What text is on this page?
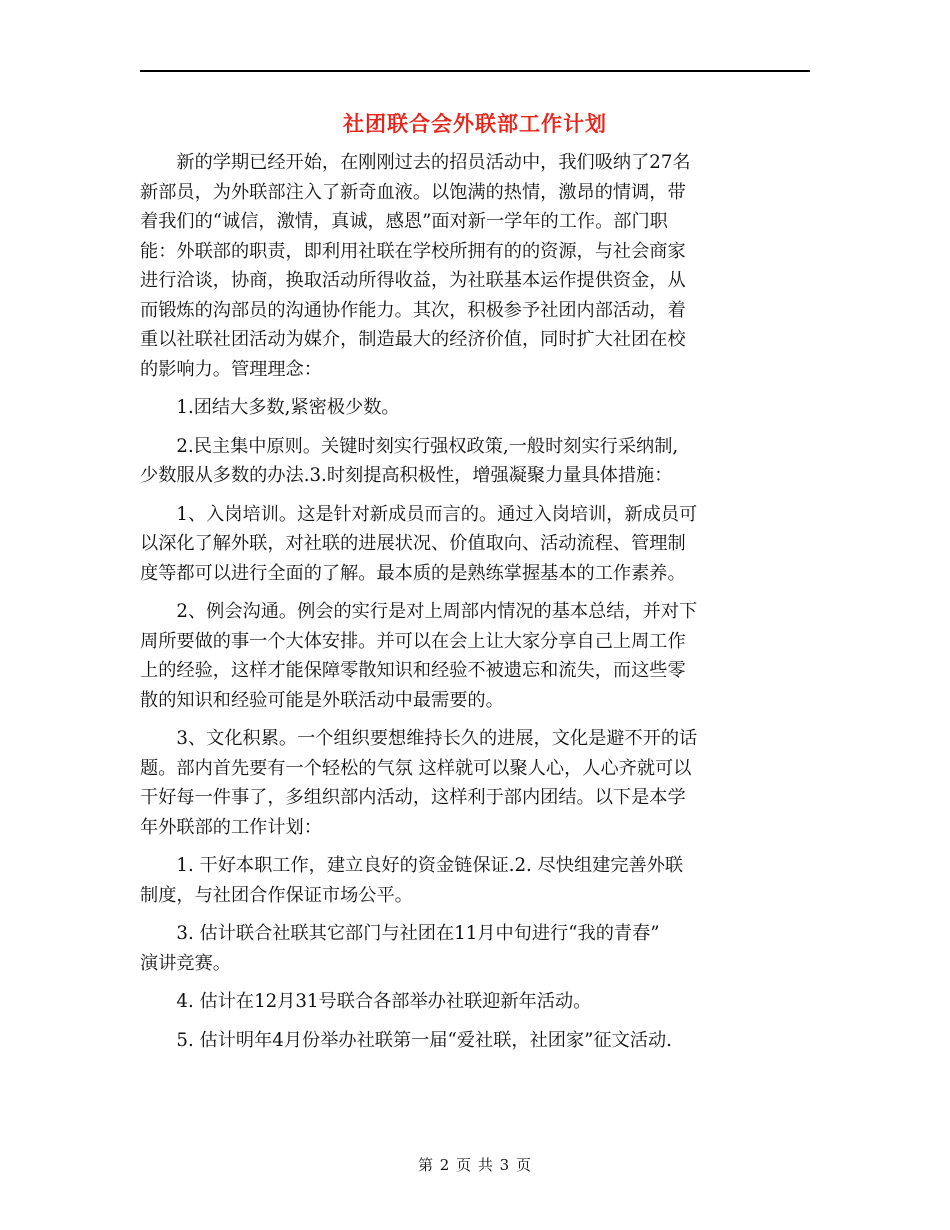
社团联合会外联部工作计划
　　新的学期已经开始，在刚刚过去的招员活动中，我们吸纳了27名
新部员，为外联部注入了新奇血液。以饱满的热情，激昂的情调，带
着我们的“诚信，激情，真诚，感恩”面对新一学年的工作。部门职
能：外联部的职责，即利用社联在学校所拥有的的资源，与社会商家
进行洽谈，协商，换取活动所得收益，为社联基本运作提供资金，从
而锻炼的沟部员的沟通协作能力。其次，积极参予社团内部活动，着
重以社联社团活动为媒介，制造最大的经济价值，同时扩大社团在校
的影响力。管理理念：
　　1.团结大多数,紧密极少数。
　　2.民主集中原则。关键时刻实行强权政策,一般时刻实行采纳制,
少数服从多数的办法.3.时刻提高积极性，增强凝聚力量具体措施：
　　1、入岗培训。这是针对新成员而言的。通过入岗培训，新成员可
以深化了解外联，对社联的进展状况、价值取向、活动流程、管理制
度等都可以进行全面的了解。最本质的是熟练掌握基本的工作素养。
　　2、例会沟通。例会的实行是对上周部内情况的基本总结，并对下
周所要做的事一个大体安排。并可以在会上让大家分享自己上周工作
上的经验，这样才能保障零散知识和经验不被遗忘和流失，而这些零
散的知识和经验可能是外联活动中最需要的。
　　3、文化积累。一个组织要想维持长久的进展，文化是避不开的话
题。部内首先要有一个轻松的气氛 这样就可以聚人心，人心齐就可以
干好每一件事了，多组织部内活动，这样利于部内团结。以下是本学
年外联部的工作计划：
　　1. 干好本职工作，建立良好的资金链保证.2. 尽快组建完善外联
制度，与社团合作保证市场公平。
　　3. 估计联合社联其它部门与社团在11月中旬进行“我的青春”
演讲竞赛。
　　4. 估计在12月31号联合各部举办社联迎新年活动。
　　5. 估计明年4月份举办社联第一届“爱社联，社团家”征文活动.
第 2 页 共 3 页
